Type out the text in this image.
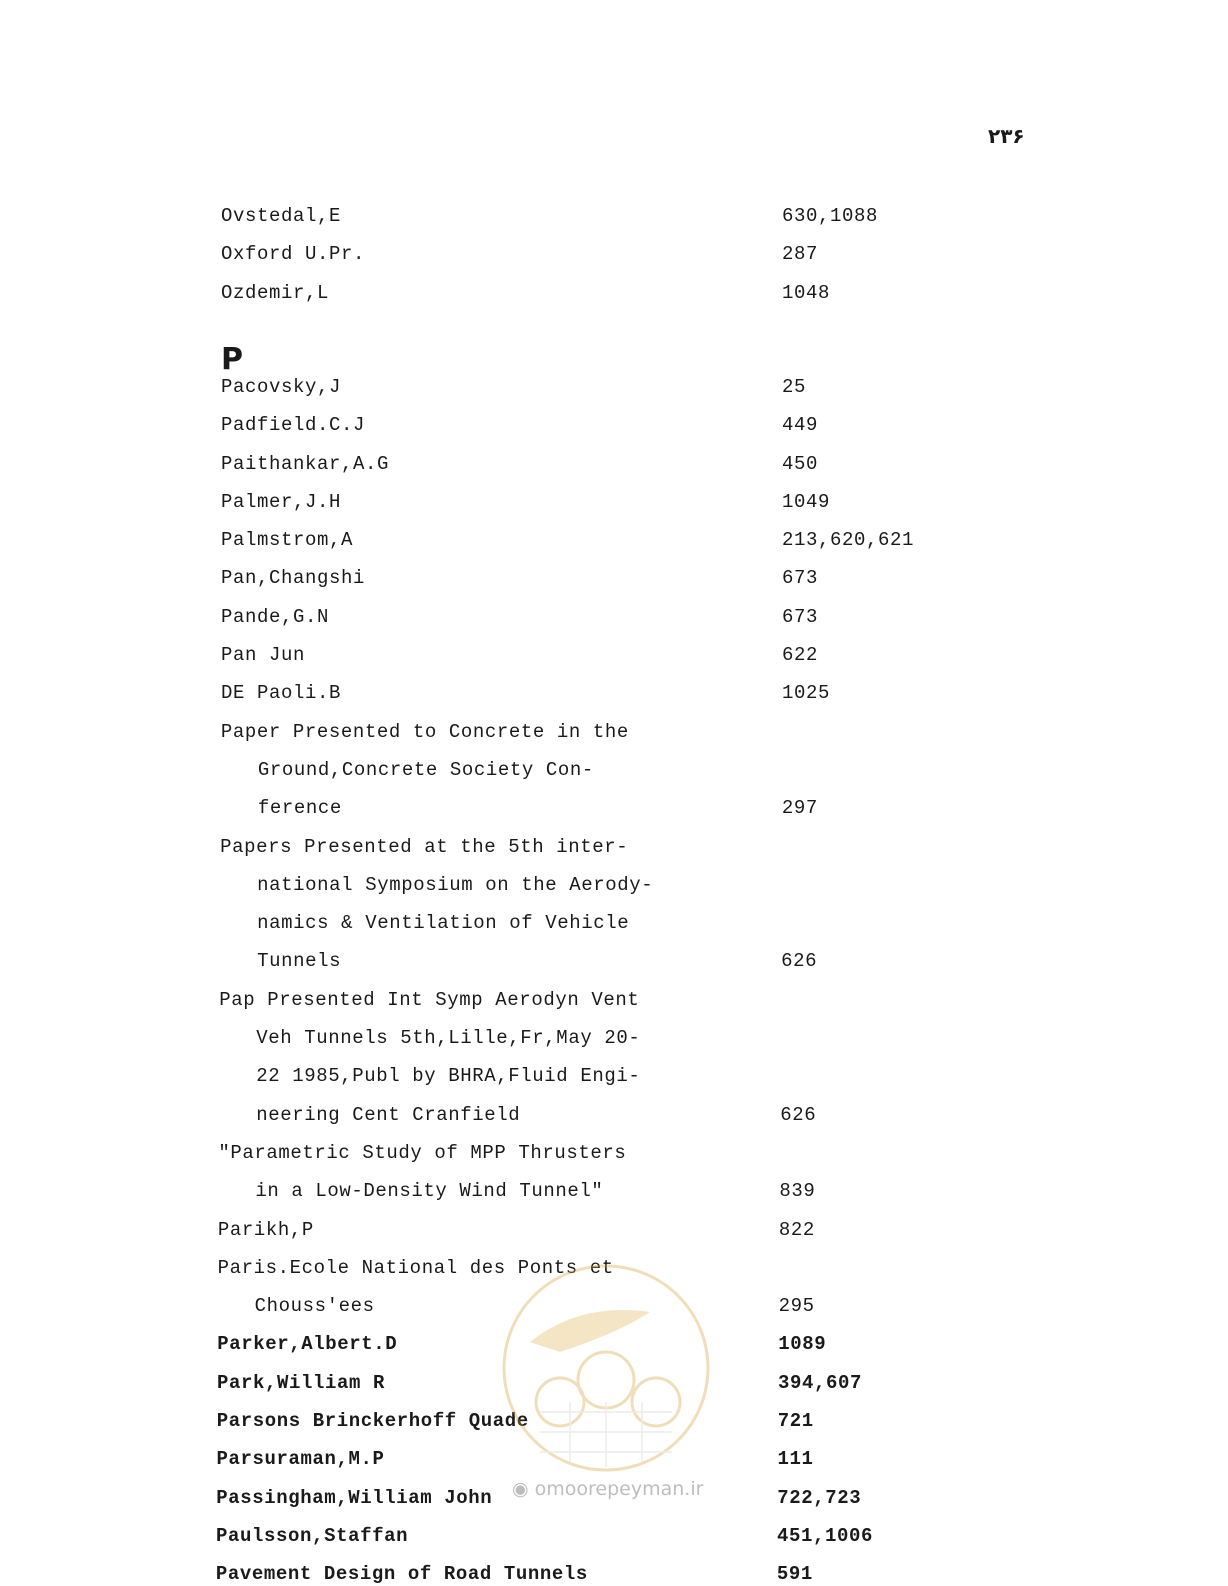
۲۳۶
Ovstedal,E	630,1088
Oxford U.Pr.	287
Ozdemir,L	1048
P
Pacovsky,J	25
Padfield.C.J	449
Paithankar,A.G	450
Palmer,J.H	1049
Palmstrom,A	213,620,621
Pan,Changshi	673
Pande,G.N	673
Pan Jun	622
DE Paoli.B	1025
Paper Presented to Concrete in the
Ground,Concrete Society Con-
ference	297
Papers Presented at the 5th inter-
national Symposium on the Aerody-
namics & Ventilation of Vehicle
Tunnels	626
Pap Presented Int Symp Aerodyn Vent
Veh Tunnels 5th,Lille,Fr,May 20-
22 1985,Publ by BHRA,Fluid Engi-
neering Cent Cranfield	626
"Parametric Study of MPP Thrusters
in a Low-Density Wind Tunnel"	839
Parikh,P	822
Paris.Ecole National des Ponts et
Chouss'ees	295
Parker,Albert.D	1089
Park,William R	394,607
Parsons Brinckerhoff Quade	721
Parsuraman,M.P	111
Passingham,William John	722,723
Paulsson,Staffan	451,1006
Pavement Design of Road Tunnels	591
◉ omoorepeyman.ir
